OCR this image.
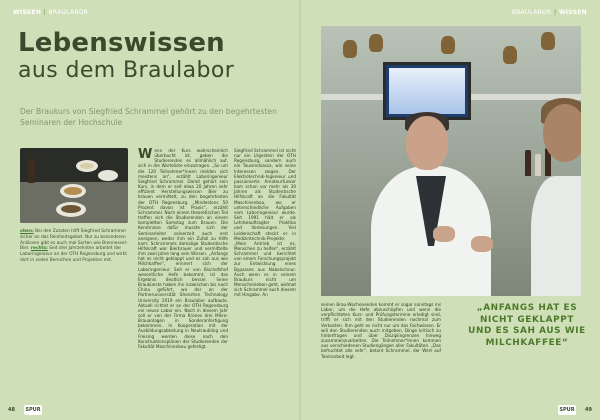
WISSEN | BRAULABOR	BRAULABOR | WISSEN
Lebenswissen
aus dem Braulabor
Der Braukurs von Siegfried Schrammel gehört zu den begehrtesten Seminaren der Hochschule
oben: Bei den Zutaten hilft Siegfried Schrammel sicher an das Reinheitsgebot. Nur zu besonderen Anlässen gibt es auch mal Sorten wie Brennessel-Bier. rechts: Seit drei Jahrzehnten arbeitet der Laboringenieur an der OTH Regensburg und wirkt dort in vielen Bereichen und Projekten mit.
W enn der Kurs wahrscheinlich überbucht ist, geben die Studierenden es allmählich auf, sich in die Warteliste einzutragen. „So um die 120 Teilnehmer*innen melden sich meistens an“, erzählt Laboringenieur Siegfried Schrammel. Damit gehört sein Kurs, in dem er seit etwa 20 Jahren sehr effizient Herstellungswissen Bier zu brauen vermittelt, zu den begehrtesten der OTH Regensburg. „Mindestens 50 Prozent davon ist Praxis“, erzählt Schrammel. Nach einem theoretischen Teil treffen sich die Studierenden an einem kompletten Samstag zum Brauen. Die Kenntnisse dafür musste sich der Seminarleiter seinerzeit auch erst aneignen, weder ihm ein Zufall zu Hilfe kam: Schrammels damalige Studentische Hilfskraft war Bierbrauer und vermittelte ihm zwei Jahre lang sein Wissen. „Anfangs hat es nicht geklappt und es sah aus wie Milchkaffee“, erinnert sich der Laboringenieur. Seit er von Bischofshof wesentliche Hefe bekommt, ist das Ergebnis deutlich besser. Seine Braukünste haben ihn inzwischen bis nach China geführt, wo der an der Partneruniversität Shenzhen Technology University 2019 ein Braulabor aufbaute. Aktuell richtet er an der OTH Regensburg ein neues Labor ein. Noch in diesem Jahr soll er von der Firma Krones drei Mikro-Brauanlagen in Sonderanfertigung bekommen. In Kooperation mit der Ausbildungsabteilung in Neutraubling und Freising werden diese nach den Konstruktionsplänen der Studierenden der Fakultät Maschinenbau gefertigt.
Siegfried Schrammel ist nicht nur ein Urgestein der OTH Regensburg, sondern auch ein Tausendsassa, wie seine Interessen zeigen. Der Elektrotechnik-Ingenieur und passionierte Amateurfunker kam schon vor mehr als 30 Jahren als Studentische Hilfskraft an die Fakultät Maschinenbau, wo er unterschiedliche Aufgaben vom Laboringenieur wurde. Seit 1991 hält er als Lehrbeauftragter Praktika und Vorlesungen. Viel Leidenschaft steckt er in Medizintechnik-Projekte: „Mein Antrieb ist es, Menschen zu helfen“, erzählt Schrammel und berichtet von einem Forschungsprojekt zur Entwicklung eines Bypasses aus Nabelschnur. Auch wenn es in seinem Braukurs nicht um Menschenleben geht, widmet sich Schrammel auch diesem mit Hingabe. An
seinen Brau-Wochenenden kommt er sogar sonntags ins Labor, um die Hefe abzuschöpfen und wenn die verpflichteten Kurs- und Prüfungstermine erledigt sind, trifft er sich mit den Studierenden nochmal zum Verkosten. Ihm geht es nicht nur um das Fachwissen. Er will den Studierenden auch mitgeben, Dinge kritisch zu hinterfragen und über Disziplingrenzen hinweg zusammenzuarbeiten. Die Teilnehmer*innen kommen aus verschiedenen Studiengängen aller Fakultäten. „Das befruchtet alle sehr“, betont Schrammel, der Wert auf Teamarbeit legt.
„ANFANGS HAT ES NICHT GEKLAPPT UND ES SAH AUS WIE MILCHKAFFEE“
48 SPUR	SPUR 49
